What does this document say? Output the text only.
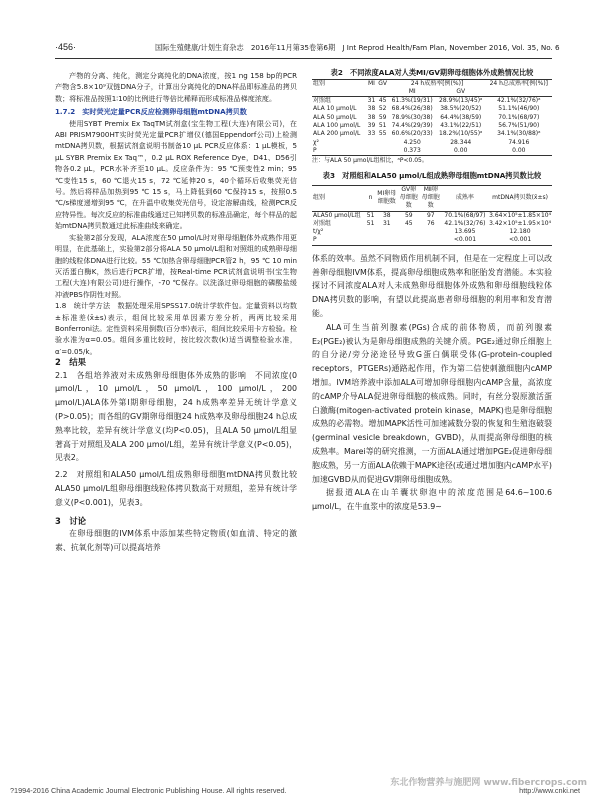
·456·	国际生殖健康/计划生育杂志　2016年11月第35卷第6期　J Int Reprod Health/Fam Plan, November 2016, Vol. 35, No. 6

产物的分离、纯化，测定分离纯化的DNA浓度，按1 ng 158 bp的PCR产物含5.8×10⁹双链DNA分子，计算出分离纯化的DNA样品即标准品的拷贝数；将标准品按照1∶10的比例进行等倍比稀释而形成标准品梯度浓度。

1.7.2　实时荧光定量PCR反应检测卵母细胞mtDNA拷贝数

使用SYBT Premix Ex TaqTM试剂盒(宝生物工程(大连)有限公司)，在ABI PRISM7900HT实时荧光定量PCR扩增仪(德国Eppendorf公司)上检测mtDNA拷贝数，根据试剂盒说明书制备10 μL PCR反应体系：1 μL模板，5 μL SYBR Premix Ex Taq™，0.2 μL ROX Reference Dye，D41、D56引物各0.2 μL，PCR水补齐至10 μL。反应条件为：95 ℃预变性2 min；95 ℃变性15 s，60 ℃退火15 s，72 ℃延伸20 s，40个循环后收集荧光信号。然后将样品加热到95 ℃ 15 s，马上降低到60 ℃保持15 s，按照0.5 ℃/s梯度递增到95 ℃，在升温中收集荧光信号，设定溶解曲线，检测PCR反应特异性。每次反应的标准曲线通过已知拷贝数的标准品确定，每个样品的起始mtDNA拷贝数通过此标准曲线来确定。

实验第2部分发现，ALA浓度在50 μmol/L时对卵母细胞体外成熟作用更明显，在此基础上，实验第2部分将ALA 50 μmol/L组和对照组的成熟卵母细胞的线粒体DNA进行比较。55 ℃加热含卵母细胞PCR管2 h，95 ℃ 10 min灭活蛋白酶K，然后进行PCR扩增，按Real-time PCR试剂盒说明书(宝生物工程(大连)有限公司)进行操作，-70 ℃保存。以洗涤过卵母细胞的磷酸盐缓冲液PBS作阴性对照。

1.8　统计学方法　数据处理采用SPSS17.0统计学软件包。定量资料以均数±标准差(x̄±s)表示，组间比较采用单因素方差分析，两两比较采用Bonferroni法。定性资料采用倒数(百分率)表示，组间比较采用卡方检验。检验水准为α=0.05。组间多重比较时，按比较次数(k)适当调整检验水准，α′=0.05/k。

2　结果

2.1　各组培养液对未成熟卵母细胞体外成熟的影响　不同浓度(0 μmol/L，10 μmol/L，50 μmol/L，100 μmol/L，200 μmol/L)ALA体外第Ⅰ期卵母细胞，24 h成熟率差异无统计学意义(P>0.05)；而各组的GⅤ期卵母细胞24 h成熟率及卵母细胞24 h总成熟率比较，差异有统计学意义(均P<0.05)，且ALA 50 μmol/L组显著高于对照组及ALA 200 μmol/L组，差异有统计学意义(P<0.05)，见表2。

2.2　对照组和ALA50 μmol/L组成熟卵母细胞mtDNA拷贝数比较　ALA50 μmol/L组卵母细胞线粒体拷贝数高于对照组，差异有统计学意义(P<0.001)，见表3。

3　讨论

在卵母细胞的IVM体系中添加某些特定物质(如血清、特定的激素、抗氧化剂等)可以提高培养

表2　不同浓度ALA对人类MⅠ/GⅤ期卵母细胞体外成熟情况比较

组别	MⅠ	GⅤ	24 h成熟率[例(%)]		24 h总成熟率[例(%)]
			MⅠ	GⅤ	
对照组	31	45	61.3%(19/31)	28.9%(13/45)ᵃ	42.1%(32/76)ᵃ
ALA 10 μmol/L	38	52	68.4%(26/38)	38.5%(20/52)	51.1%(46/90)
ALA 50 μmol/L	38	59	78.9%(30/38)	64.4%(38/59)	70.1%(68/97)
ALA 100 μmol/L	39	51	74.4%(29/39)	43.1%(22/51)	56.7%(51/90)
ALA 200 μmol/L	33	55	60.6%(20/33)	18.2%(10/55)ᵃ	34.1%(30/88)ᵃ
χ²			4.250	28.344	74.916
P			0.373	0.00	0.00

注：与ALA 50 μmol/L组相比，ᵃP<0.05。

表3　对照组和ALA50 μmol/L组成熟卵母细胞mtDNA拷贝数比较

组别	n	MⅠ卵母细胞数	GⅤ卵母细胞数	MⅡ卵母细胞数	成熟率	mtDNA拷贝数(x̄±s)
ALA50 μmol/L组	51	38	59	97	70.1%(68/97)	3.64×10⁵±1.85×10⁴
对照组	51	31	45	76	42.1%(32/76)	3.42×10⁵±1.95×10⁴
t/χ²					13.695	12.180
P					<0.001	<0.001

体系的效率。虽然不同物质作用机制不同，但是在一定程度上可以改善卵母细胞IVM体系，提高卵母细胞成熟率和胚胎发育潜能。本实验探讨不同浓度ALA对人未成熟卵母细胞体外成熟和卵母细胞线粒体DNA拷贝数的影响，有望以此提高患者卵母细胞的利用率和发育潜能。

ALA可生当前列腺素(PGs)合成的前体物质，而前列腺素E₂(PGE₂)被认为是卵母细胞成熟的关键介质。PGE₂通过卵丘细胞上的自分泌/旁分泌途径导致G蛋白偶联受体(G-protein-coupled receptors，PTGERs)通路起作用，作为第二信使刺激细胞内cAMP增加。IVM培养液中添加ALA可增加卵母细胞内cAMP含量，高浓度的cAMP介导ALA促进卵母细胞的核成熟。同时，有丝分裂原激活蛋白激酶(mitogen-activated protein kinase，MAPK)也是卵母细胞成熟的必需物。增加MAPK活性可加速减数分裂的恢复和生殖泡破裂(germinal vesicle breakdown，GVBD)，从而提高卵母细胞的核成熟率。Marei等的研究推测，一方面ALA通过增加PGE₂促进卵母细胞成熟，另一方面ALA依赖于MAPK途径(或通过增加胞内cAMP水平)加速GVBD从而促进GⅤ期卵母细胞成熟。

据报道ALA在山羊囊状卵泡中的浓度范围是64.6~100.6 μmol/L，在牛血浆中的浓度是53.9~

?1994-2016 China Academic Journal Electronic Publishing House. All rights reserved.	http://www.cnki.net
东北作物营养与施肥网 www.fibercrops.com
